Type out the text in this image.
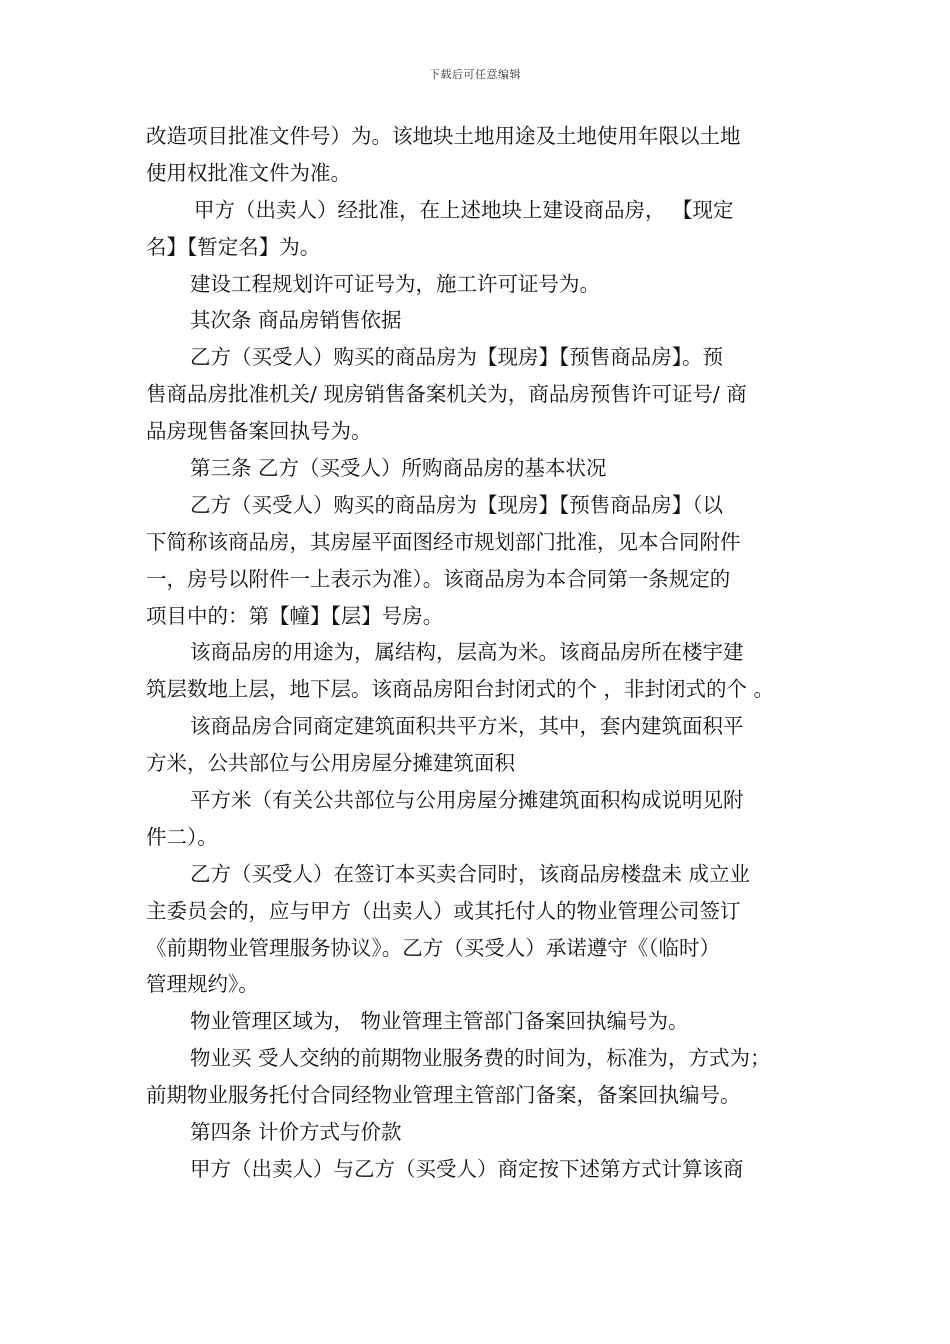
下载后可任意编辑
改造项目批准文件号）为。该地块土地用途及土地使用年限以土地
使用权批准文件为准。
甲方（出卖人）经批准，在上述地块上建设商品房， 【现定
名】【暂定名】为。
建设工程规划许可证号为，施工许可证号为。
其次条 商品房销售依据
乙方（买受人）购买的商品房为【现房】【预售商品房】。预
售商品房批准机关/ 现房销售备案机关为，商品房预售许可证号/ 商
品房现售备案回执号为。
第三条 乙方（买受人）所购商品房的基本状况
乙方（买受人）购买的商品房为【现房】【预售商品房】（以
下简称该商品房，其房屋平面图经市规划部门批准，见本合同附件
一，房号以附件一上表示为准）。该商品房为本合同第一条规定的
项目中的：第【幢】【层】号房。
该商品房的用途为，属结构，层高为米。该商品房所在楼宇建
筑层数地上层，地下层。该商品房阳台封闭式的个 ，非封闭式的个 。
该商品房合同商定建筑面积共平方米，其中，套内建筑面积平
方米，公共部位与公用房屋分摊建筑面积
平方米（有关公共部位与公用房屋分摊建筑面积构成说明见附
件二）。
乙方（买受人）在签订本买卖合同时，该商品房楼盘未 成立业
主委员会的，应与甲方（出卖人）或其托付人的物业管理公司签订
《前期物业管理服务协议》。乙方（买受人）承诺遵守《（临时）
管理规约》。
物业管理区域为， 物业管理主管部门备案回执编号为。
物业买 受人交纳的前期物业服务费的时间为，标准为，方式为；
前期物业服务托付合同经物业管理主管部门备案，备案回执编号。
第四条 计价方式与价款
甲方（出卖人）与乙方（买受人）商定按下述第方式计算该商
